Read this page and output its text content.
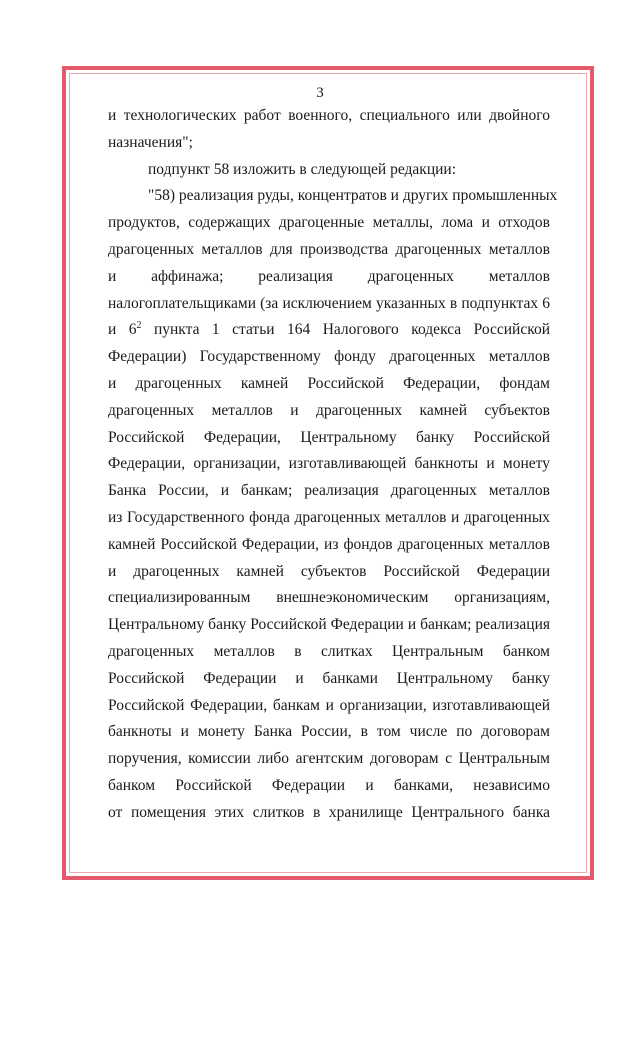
3
и технологических работ военного, специального или двойного
назначения";
подпункт 58 изложить в следующей редакции:
"58) реализация руды, концентратов и других промышленных
продуктов, содержащих драгоценные металлы, лома и отходов
драгоценных металлов для производства драгоценных металлов
и аффинажа; реализация драгоценных металлов
налогоплательщиками (за исключением указанных в подпунктах 6
и $6^2$ пункта 1 статьи 164 Налогового кодекса Российской
Федерации) Государственному фонду драгоценных металлов
и драгоценных камней Российской Федерации, фондам
драгоценных металлов и драгоценных камней субъектов
Российской Федерации, Центральному банку Российской
Федерации, организации, изготавливающей банкноты и монету
Банка России, и банкам; реализация драгоценных металлов
из Государственного фонда драгоценных металлов и драгоценных
камней Российской Федерации, из фондов драгоценных металлов
и драгоценных камней субъектов Российской Федерации
специализированным внешнеэкономическим организациям,
Центральному банку Российской Федерации и банкам; реализация
драгоценных металлов в слитках Центральным банком
Российской Федерации и банками Центральному банку
Российской Федерации, банкам и организации, изготавливающей
банкноты и монету Банка России, в том числе по договорам
поручения, комиссии либо агентским договорам с Центральным
банком Российской Федерации и банками, независимо
от помещения этих слитков в хранилище Центрального банка
